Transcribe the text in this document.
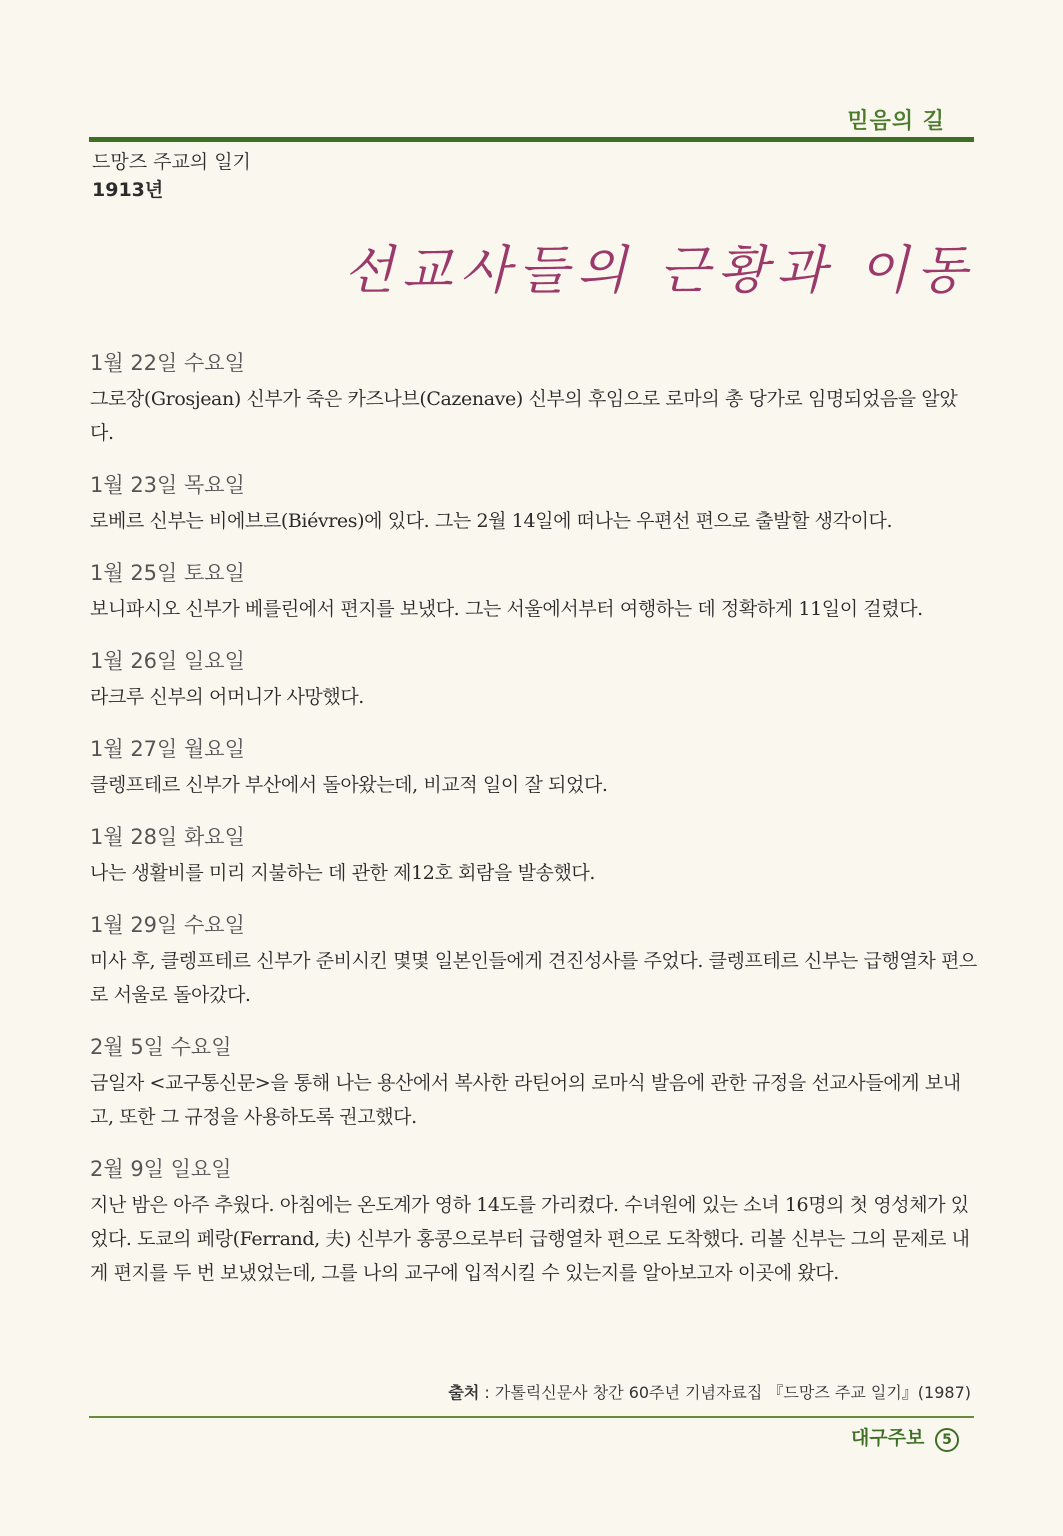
믿음의 길
드망즈 주교의 일기
1913년
선교사들의 근황과 이동
1월 22일 수요일
그로장(Grosjean) 신부가 죽은 카즈나브(Cazenave) 신부의 후임으로 로마의 총 당가로 임명되었음을 알았다.
1월 23일 목요일
로베르 신부는 비에브르(Biévres)에 있다. 그는 2월 14일에 떠나는 우편선 편으로 출발할 생각이다.
1월 25일 토요일
보니파시오 신부가 베를린에서 편지를 보냈다. 그는 서울에서부터 여행하는 데 정확하게 11일이 걸렸다.
1월 26일 일요일
라크루 신부의 어머니가 사망했다.
1월 27일 월요일
클렝프테르 신부가 부산에서 돌아왔는데, 비교적 일이 잘 되었다.
1월 28일 화요일
나는 생활비를 미리 지불하는 데 관한 제12호 회람을 발송했다.
1월 29일 수요일
미사 후, 클렝프테르 신부가 준비시킨 몇몇 일본인들에게 견진성사를 주었다. 클렝프테르 신부는 급행열차 편으로 서울로 돌아갔다.
2월 5일 수요일
금일자 <교구통신문>을 통해 나는 용산에서 복사한 라틴어의 로마식 발음에 관한 규정을 선교사들에게 보내고, 또한 그 규정을 사용하도록 권고했다.
2월 9일 일요일
지난 밤은 아주 추웠다. 아침에는 온도계가 영하 14도를 가리켰다. 수녀원에 있는 소녀 16명의 첫 영성체가 있었다. 도쿄의 페랑(Ferrand, 夫) 신부가 홍콩으로부터 급행열차 편으로 도착했다. 리볼 신부는 그의 문제로 내게 편지를 두 번 보냈었는데, 그를 나의 교구에 입적시킬 수 있는지를 알아보고자 이곳에 왔다.
출처 : 가톨릭신문사 창간 60주년 기념자료집 『드망즈 주교 일기』(1987)
대구주보 5
